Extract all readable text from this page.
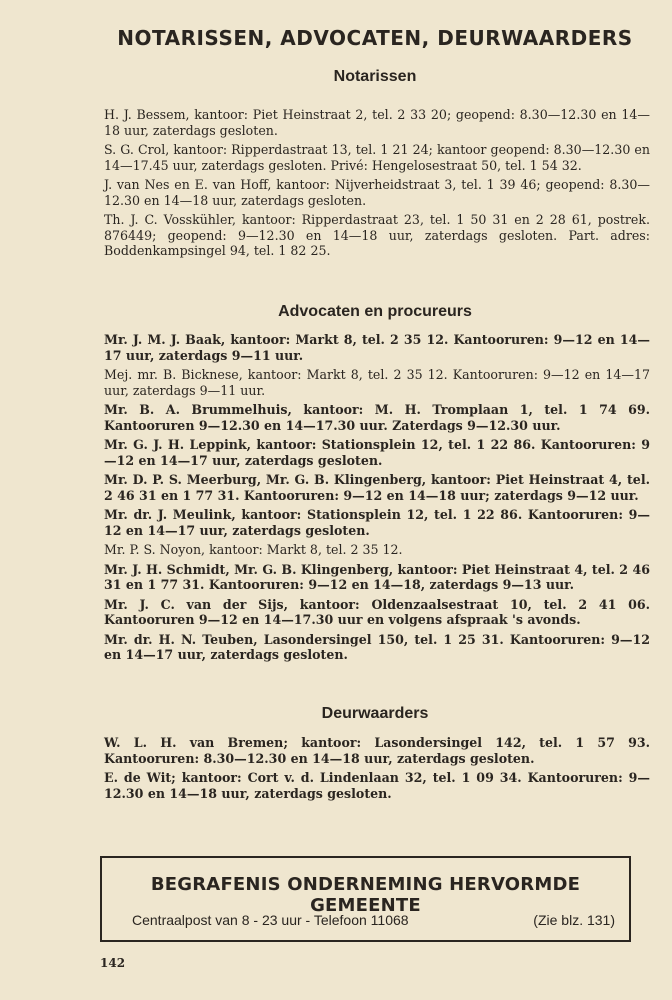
NOTARISSEN, ADVOCATEN, DEURWAARDERS
Notarissen

H. J. Bessem, kantoor: Piet Heinstraat 2, tel. 2 33 20; geopend: 8.30—12.30 en 14—18 uur, zaterdags gesloten.

S. G. Crol, kantoor: Ripperdastraat 13, tel. 1 21 24; kantoor geopend: 8.30—12.30 en 14—17.45 uur, zaterdags gesloten. Privé: Hengelosestraat 50, tel. 1 54 32.

J. van Nes en E. van Hoff, kantoor: Nijverheidstraat 3, tel. 1 39 46; geopend: 8.30—12.30 en 14—18 uur, zaterdags gesloten.

Th. J. C. Vosskühler, kantoor: Ripperdastraat 23, tel. 1 50 31 en 2 28 61, postrek. 876449; geopend: 9—12.30 en 14—18 uur, zaterdags gesloten. Part. adres: Boddenkampsingel 94, tel. 1 82 25.

Advocaten en procureurs

Mr. J. M. J. Baak, kantoor: Markt 8, tel. 2 35 12. Kantooruren: 9—12 en 14—17 uur, zaterdags 9—11 uur.

Mej. mr. B. Bicknese, kantoor: Markt 8, tel. 2 35 12. Kantooruren: 9—12 en 14—17 uur, zaterdags 9—11 uur.

Mr. B. A. Brummelhuis, kantoor: M. H. Tromplaan 1, tel. 1 74 69. Kantooruren 9—12.30 en 14—17.30 uur. Zaterdags 9—12.30 uur.

Mr. G. J. H. Leppink, kantoor: Stationsplein 12, tel. 1 22 86. Kantooruren: 9—12 en 14—17 uur, zaterdags gesloten.

Mr. D. P. S. Meerburg, Mr. G. B. Klingenberg, kantoor: Piet Heinstraat 4, tel. 2 46 31 en 1 77 31. Kantooruren: 9—12 en 14—18 uur; zaterdags 9—12 uur.

Mr. dr. J. Meulink, kantoor: Stationsplein 12, tel. 1 22 86. Kantooruren: 9—12 en 14—17 uur, zaterdags gesloten.

Mr. P. S. Noyon, kantoor: Markt 8, tel. 2 35 12.

Mr. J. H. Schmidt, Mr. G. B. Klingenberg, kantoor: Piet Heinstraat 4, tel. 2 46 31 en 1 77 31. Kantooruren: 9—12 en 14—18, zaterdags 9—13 uur.

Mr. J. C. van der Sijs, kantoor: Oldenzaalsestraat 10, tel. 2 41 06. Kantooruren 9—12 en 14—17.30 uur en volgens afspraak 's avonds.

Mr. dr. H. N. Teuben, Lasondersingel 150, tel. 1 25 31. Kantooruren: 9—12 en 14—17 uur, zaterdags gesloten.

Deurwaarders

W. L. H. van Bremen; kantoor: Lasondersingel 142, tel. 1 57 93. Kantooruren: 8.30—12.30 en 14—18 uur, zaterdags gesloten.

E. de Wit; kantoor: Cort v. d. Lindenlaan 32, tel. 1 09 34. Kantooruren: 9—12.30 en 14—18 uur, zaterdags gesloten.

BEGRAFENIS ONDERNEMING HERVORMDE GEMEENTE
Centraalpost van 8 - 23 uur - Telefoon 11068	(Zie blz. 131)
142
